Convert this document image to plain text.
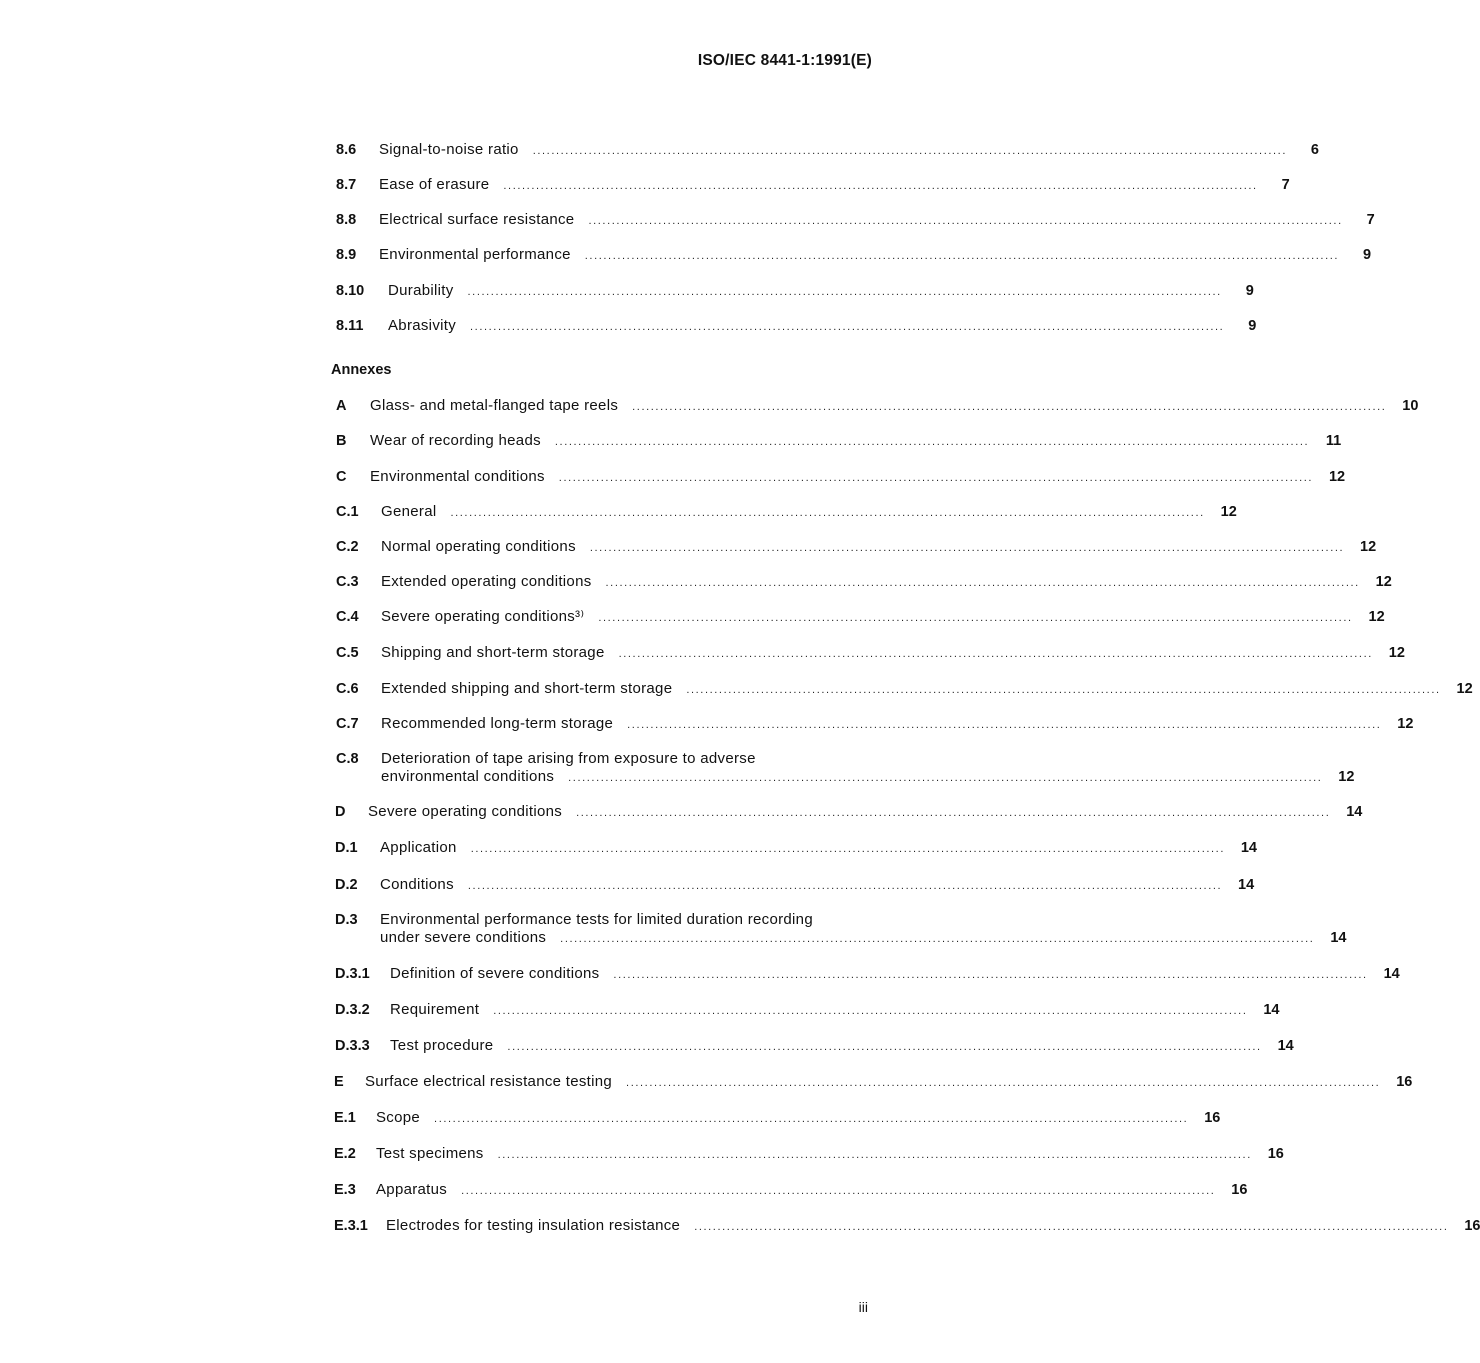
ISO/IEC 8441-1:1991(E)
8.6	Signal-to-noise ratio .....	6
8.7	Ease of erasure .....	7
8.8	Electrical surface resistance .....	7
8.9	Environmental performance .....	9
8.10	Durability .....	9
8.11	Abrasivity .....	9
Annexes
A	Glass- and metal-flanged tape reels .....	10
B	Wear of recording heads .....	11
C	Environmental conditions .....	12
C.1	General .....	12
C.2	Normal operating conditions .....	12
C.3	Extended operating conditions .....	12
C.4	Severe operating conditions³⁾ .....	12
C.5	Shipping and short-term storage .....	12
C.6	Extended shipping and short-term storage .....	12
C.7	Recommended long-term storage .....	12
C.8	Deterioration of tape arising from exposure to adverse
environmental conditions .....	12
D	Severe operating conditions .....	14
D.1	Application .....	14
D.2	Conditions .....	14
D.3	Environmental performance tests for limited duration recording
under severe conditions .....	14
D.3.1	Definition of severe conditions .....	14
D.3.2	Requirement .....	14
D.3.3	Test procedure .....	14
E	Surface electrical resistance testing .....	16
E.1	Scope .....	16
E.2	Test specimens .....	16
E.3	Apparatus .....	16
E.3.1	Electrodes for testing insulation resistance .....	16
iii
